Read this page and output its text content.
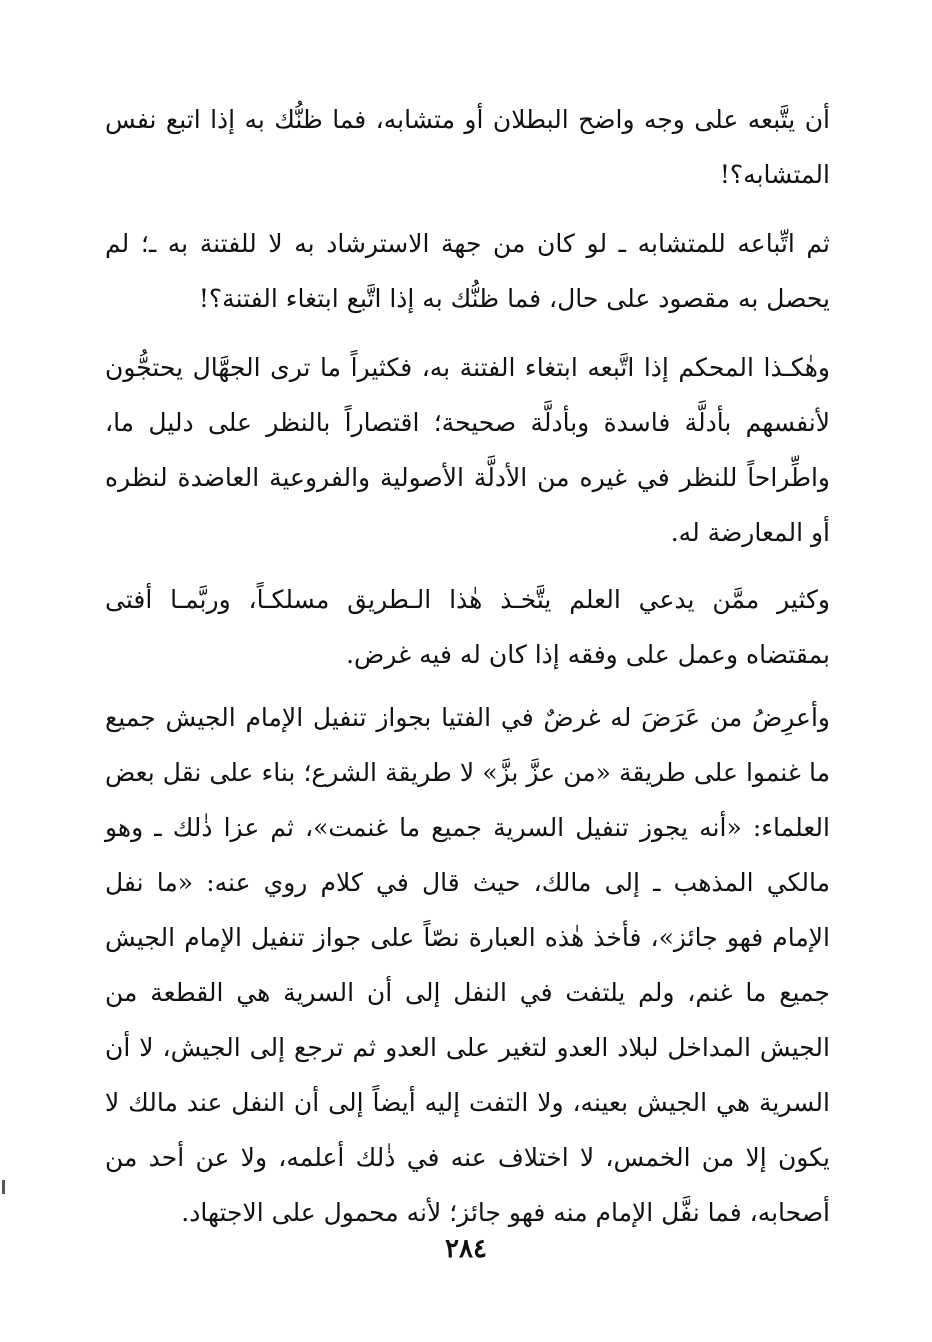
أن يتَّبعه على وجه واضح البطلان أو متشابه، فما ظنُّك به إذا اتبع نفس المتشابه؟!

ثم اتِّباعه للمتشابه ـ لو كان من جهة الاسترشاد به لا للفتنة به ـ؛ لم يحصل به مقصود على حال، فما ظنُّك به إذا اتَّبع ابتغاء الفتنة؟!

وهٰكـذا المحكم إذا اتَّبعه ابتغاء الفتنة به، فكثيراً ما ترى الجهَّال يحتجُّون لأنفسهم بأدلَّة فاسدة وبأدلَّة صحيحة؛ اقتصاراً بالنظر على دليل ما، واطِّراحاً للنظر في غيره من الأدلَّة الأصولية والفروعية العاضدة لنظره أو المعارضة له.

وكثير ممَّن يدعي العلم يتَّخـذ هٰذا الـطريق مسلكـاً، وربَّمـا أفتى بمقتضاه وعمل على وفقه إذا كان له فيه غرض.

وأعرِضُ من عَرَضَ له غرضٌ في الفتيا بجواز تنفيل الإمام الجيش جميع ما غنموا على طريقة «من عزَّ بزَّ» لا طريقة الشرع؛ بناء على نقل بعض العلماء: «أنه يجوز تنفيل السرية جميع ما غنمت»، ثم عزا ذٰلك ـ وهو مالكي المذهب ـ إلى مالك، حيث قال في كلام روي عنه: «ما نفل الإمام فهو جائز»، فأخذ هٰذه العبارة نصّاً على جواز تنفيل الإمام الجيش جميع ما غنم، ولم يلتفت في النفل إلى أن السرية هي القطعة من الجيش المداخل لبلاد العدو لتغير على العدو ثم ترجع إلى الجيش، لا أن السرية هي الجيش بعينه، ولا التفت إليه أيضاً إلى أن النفل عند مالك لا يكون إلا من الخمس، لا اختلاف عنه في ذٰلك أعلمه، ولا عن أحد من أصحابه، فما نفَّل الإمام منه فهو جائز؛ لأنه محمول على الاجتهاد.

٢٨٤
